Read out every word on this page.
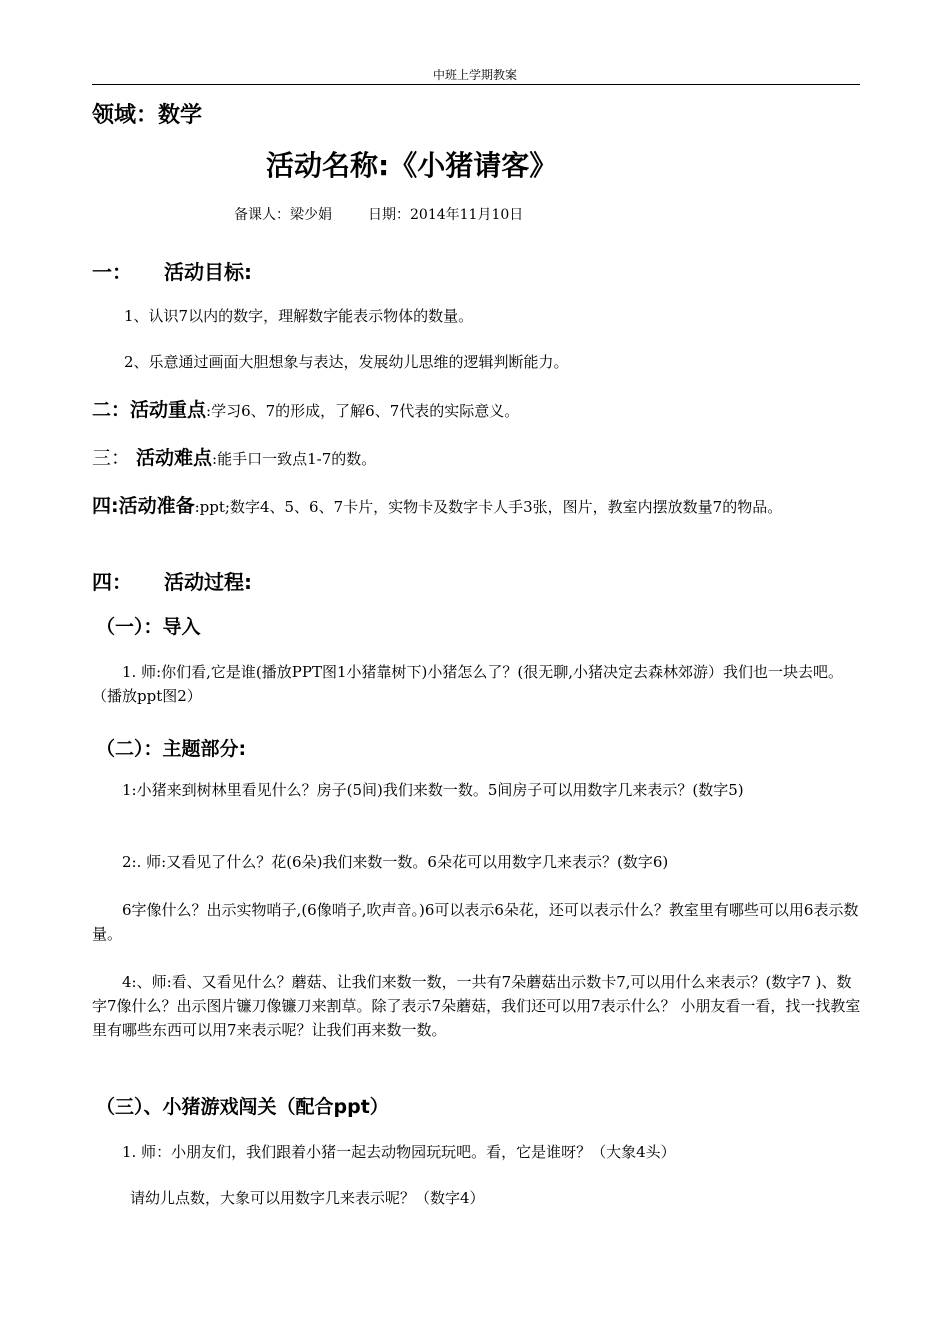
中班上学期教案
领域：数学
活动名称:《小猪请客》
备课人：梁少娟	日期：2014年11月10日
一： 活动目标:
1、认识7以内的数字，理解数字能表示物体的数量。
2、乐意通过画面大胆想象与表达，发展幼儿思维的逻辑判断能力。
二：活动重点:学习6、7的形成，了解6、7代表的实际意义。
三： 活动难点:能手口一致点1-7的数。
四:活动准备:ppt;数字4、5、6、7卡片，实物卡及数字卡人手3张，图片，教室内摆放数量7的物品。
四： 活动过程:
（一）：导入
1. 师:你们看,它是谁(播放PPT图1小猪靠树下)小猪怎么了？(很无聊,小猪决定去森林郊游）我们也一块去吧。（播放ppt图2）
（二）：主题部分:
1:小猪来到树林里看见什么？房子(5间)我们来数一数。5间房子可以用数字几来表示？(数字5)
2:. 师:又看见了什么？花(6朵)我们来数一数。6朵花可以用数字几来表示？(数字6)
6字像什么？出示实物哨子,(6像哨子,吹声音。)6可以表示6朵花，还可以表示什么？教室里有哪些可以用6表示数量。
4:、师:看、又看见什么？蘑菇、让我们来数一数，一共有7朵蘑菇出示数卡7,可以用什么来表示？(数字7 )、数字7像什么？出示图片镰刀像镰刀来割草。除了表示7朵蘑菇，我们还可以用7表示什么？ 小朋友看一看，找一找教室里有哪些东西可以用7来表示呢？让我们再来数一数。
（三）、小猪游戏闯关（配合ppt）
1. 师：小朋友们，我们跟着小猪一起去动物园玩玩吧。看，它是谁呀？（大象4头）
请幼儿点数，大象可以用数字几来表示呢？（数字4）
